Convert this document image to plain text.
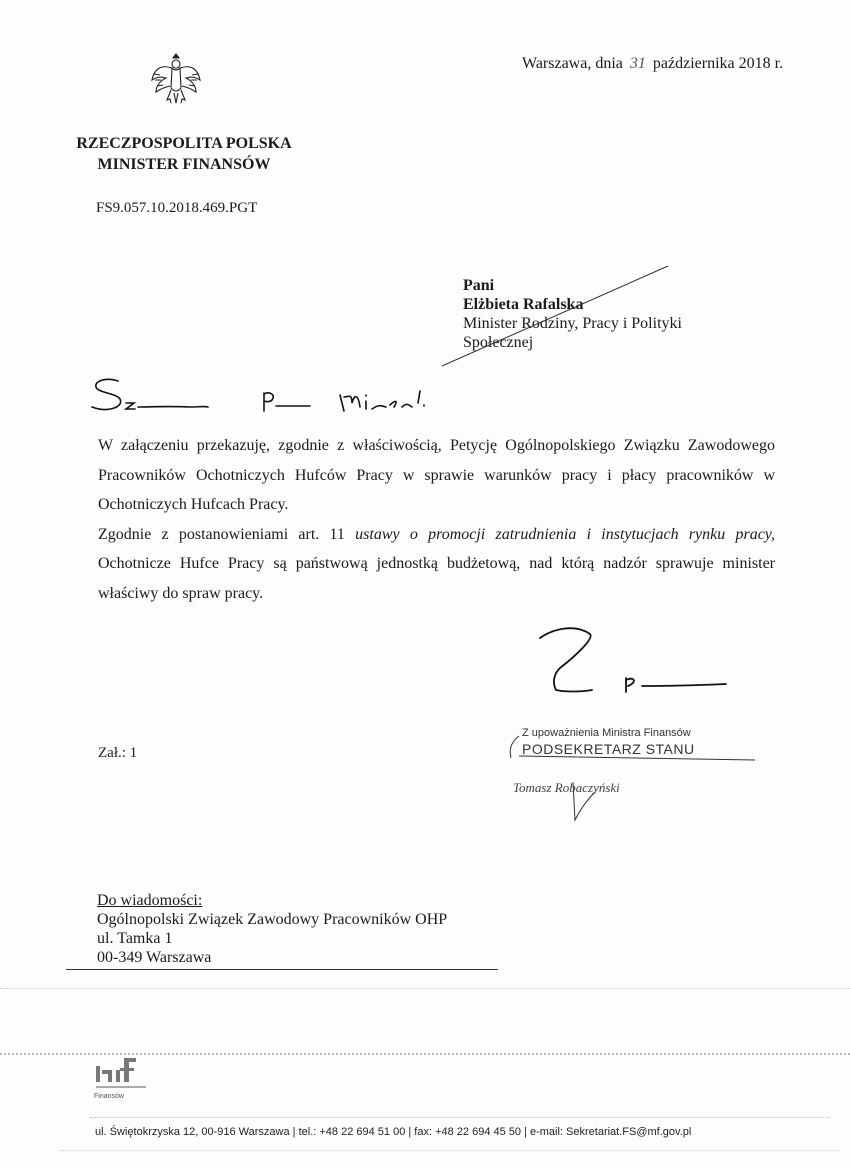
Warszawa, dnia 31 października 2018 r.
RZECZPOSPOLITA POLSKA
MINISTER FINANSÓW
FS9.057.10.2018.469.PGT
Pani
Elżbieta Rafalska
Minister Rodziny, Pracy i Polityki
Społecznej

W załączeniu przekazuję, zgodnie z właściwością, Petycję Ogólnopolskiego Związku Zawodowego Pracowników Ochotniczych Hufców Pracy w sprawie warunków pracy i płacy pracowników w Ochotniczych Hufcach Pracy.

Zgodnie z postanowieniami art. 11 ustawy o promocji zatrudnienia i instytucjach rynku pracy, Ochotnicze Hufce Pracy są państwową jednostką budżetową, nad którą nadzór sprawuje minister właściwy do spraw pracy.

Z upoważnienia Ministra Finansów
PODSEKRETARZ STANU
Tomasz Robaczyński
Zał.: 1
Do wiadomości:
Ogólnopolski Związek Zawodowy Pracowników OHP
ul. Tamka 1
00-349 Warszawa
Finansów
ul. Świętokrzyska 12, 00-916 Warszawa | tel.: +48 22 694 51 00 | fax: +48 22 694 45 50 | e-mail: Sekretariat.FS@mf.gov.pl
